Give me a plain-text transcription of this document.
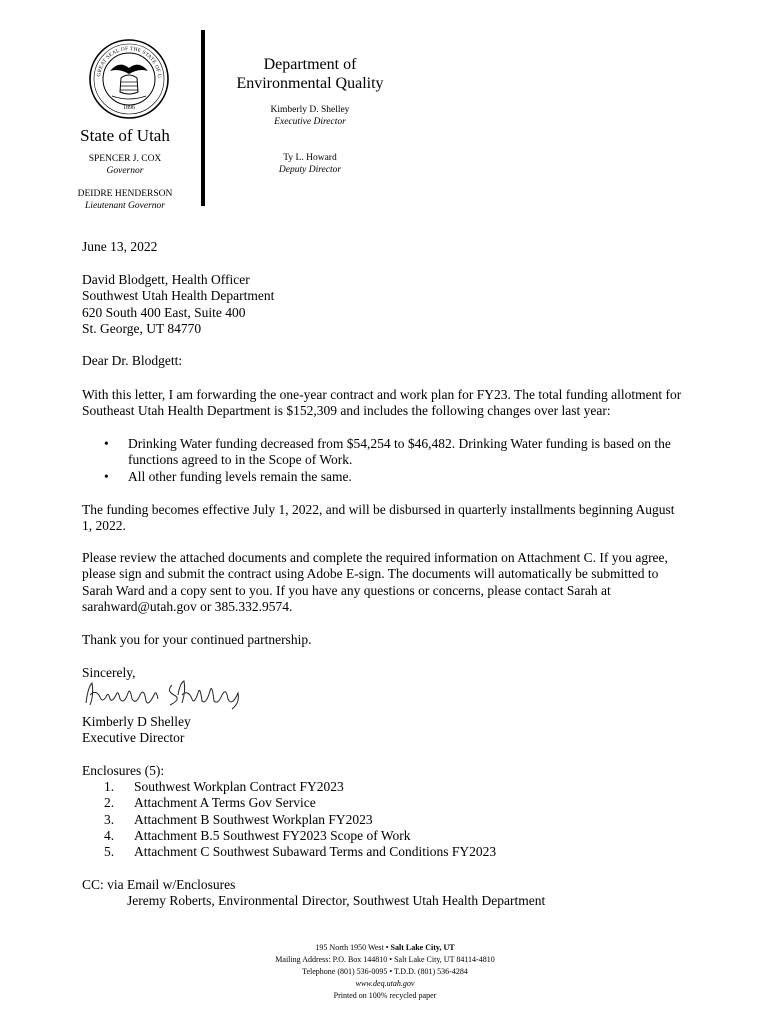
GREAT SEAL OF THE STATE OF U
1896
State of Utah
SPENCER J. COX
Governor
DEIDRE HENDERSON
Lieutenant Governor
Department of
Environmental Quality
Kimberly D. Shelley
Executive Director
Ty L. Howard
Deputy Director
June 13, 2022
David Blodgett, Health Officer
Southwest Utah Health Department
620 South 400 East, Suite 400
St. George, UT 84770
Dear Dr. Blodgett:

With this letter, I am forwarding the one-year contract and work plan for FY23. The total funding allotment for Southeast Utah Health Department is $152,309 and includes the following changes over last year:

• Drinking Water funding decreased from $54,254 to $46,482. Drinking Water funding is based on the functions agreed to in the Scope of Work.
• All other funding levels remain the same.

The funding becomes effective July 1, 2022, and will be disbursed in quarterly installments beginning August 1, 2022.

Please review the attached documents and complete the required information on Attachment C. If you agree, please sign and submit the contract using Adobe E-sign. The documents will automatically be submitted to Sarah Ward and a copy sent to you. If you have any questions or concerns, please contact Sarah at sarahward@utah.gov or 385.332.9574.

Thank you for your continued partnership.

Sincerely,
Kimberly D Shelley
Executive Director
Enclosures (5):
1. Southwest Workplan Contract FY2023
2. Attachment A Terms Gov Service
3. Attachment B Southwest Workplan FY2023
4. Attachment B.5 Southwest FY2023 Scope of Work
5. Attachment C Southwest Subaward Terms and Conditions FY2023
CC: via Email w/Enclosures
Jeremy Roberts, Environmental Director, Southwest Utah Health Department
195 North 1950 West • Salt Lake City, UT
Mailing Address: P.O. Box 144810 • Salt Lake City, UT 84114-4810
Telephone (801) 536-0095 • T.D.D. (801) 536-4284
www.deq.utah.gov
Printed on 100% recycled paper
